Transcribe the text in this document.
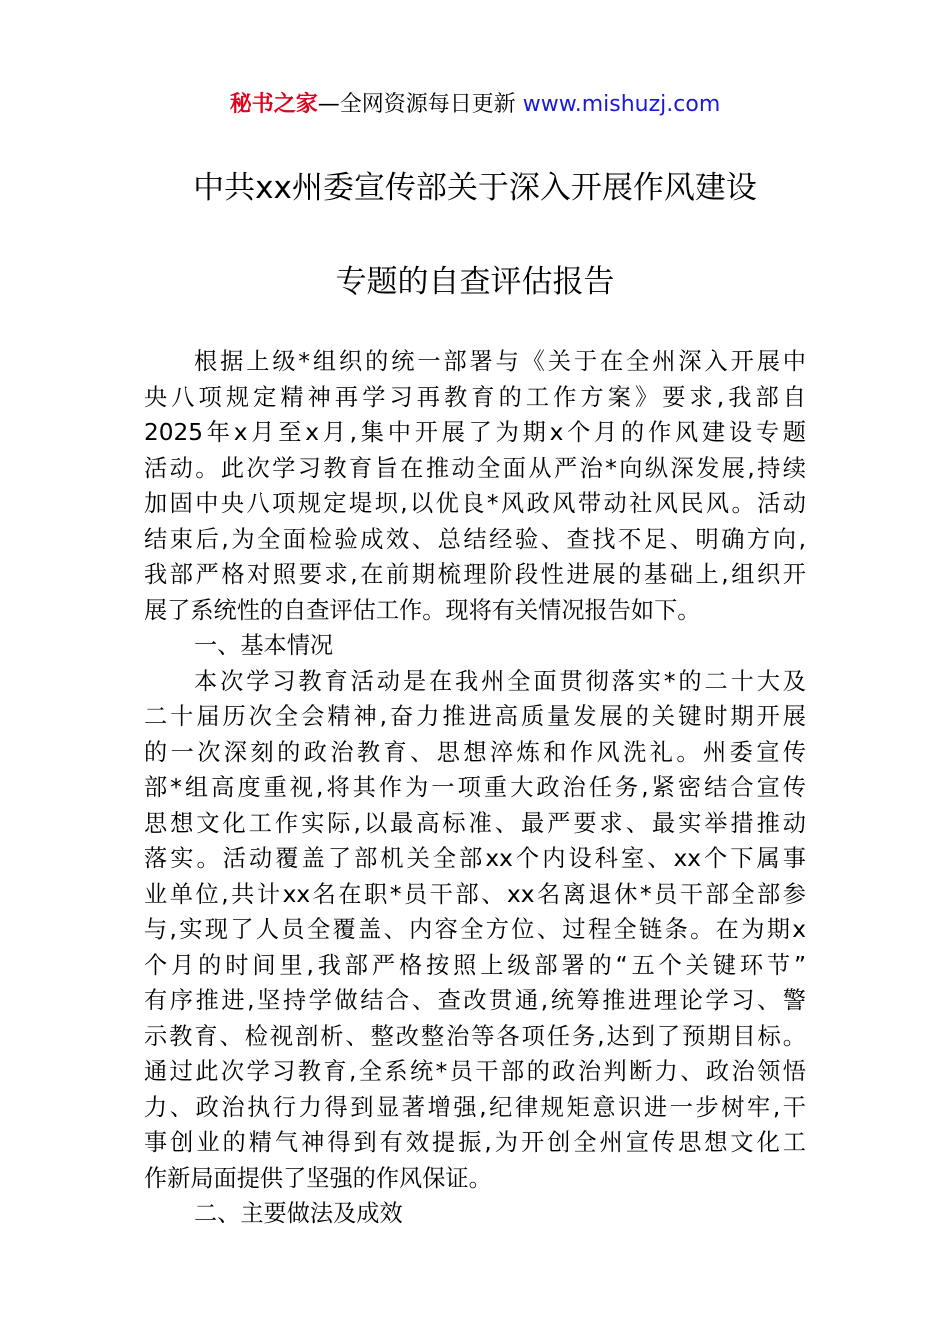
秘书之家—全网资源每日更新 www.mishuzj.com
中共xx州委宣传部关于深入开展作风建设
专题的自查评估报告
根据上级*组织的统一部署与《关于在全州深入开展中
央八项规定精神再学习再教育的工作方案》要求,我部自
2025年x月至x月,集中开展了为期x个月的作风建设专题
活动。此次学习教育旨在推动全面从严治*向纵深发展,持续
加固中央八项规定堤坝,以优良*风政风带动社风民风。活动
结束后,为全面检验成效、总结经验、查找不足、明确方向,
我部严格对照要求,在前期梳理阶段性进展的基础上,组织开
展了系统性的自查评估工作。现将有关情况报告如下。
一、基本情况
本次学习教育活动是在我州全面贯彻落实*的二十大及
二十届历次全会精神,奋力推进高质量发展的关键时期开展
的一次深刻的政治教育、思想淬炼和作风洗礼。州委宣传
部*组高度重视,将其作为一项重大政治任务,紧密结合宣传
思想文化工作实际,以最高标准、最严要求、最实举措推动
落实。活动覆盖了部机关全部xx个内设科室、xx个下属事
业单位,共计xx名在职*员干部、xx名离退休*员干部全部参
与,实现了人员全覆盖、内容全方位、过程全链条。在为期x
个月的时间里,我部严格按照上级部署的“五个关键环节”
有序推进,坚持学做结合、查改贯通,统筹推进理论学习、警
示教育、检视剖析、整改整治等各项任务,达到了预期目标。
通过此次学习教育,全系统*员干部的政治判断力、政治领悟
力、政治执行力得到显著增强,纪律规矩意识进一步树牢,干
事创业的精气神得到有效提振,为开创全州宣传思想文化工
作新局面提供了坚强的作风保证。
二、主要做法及成效
